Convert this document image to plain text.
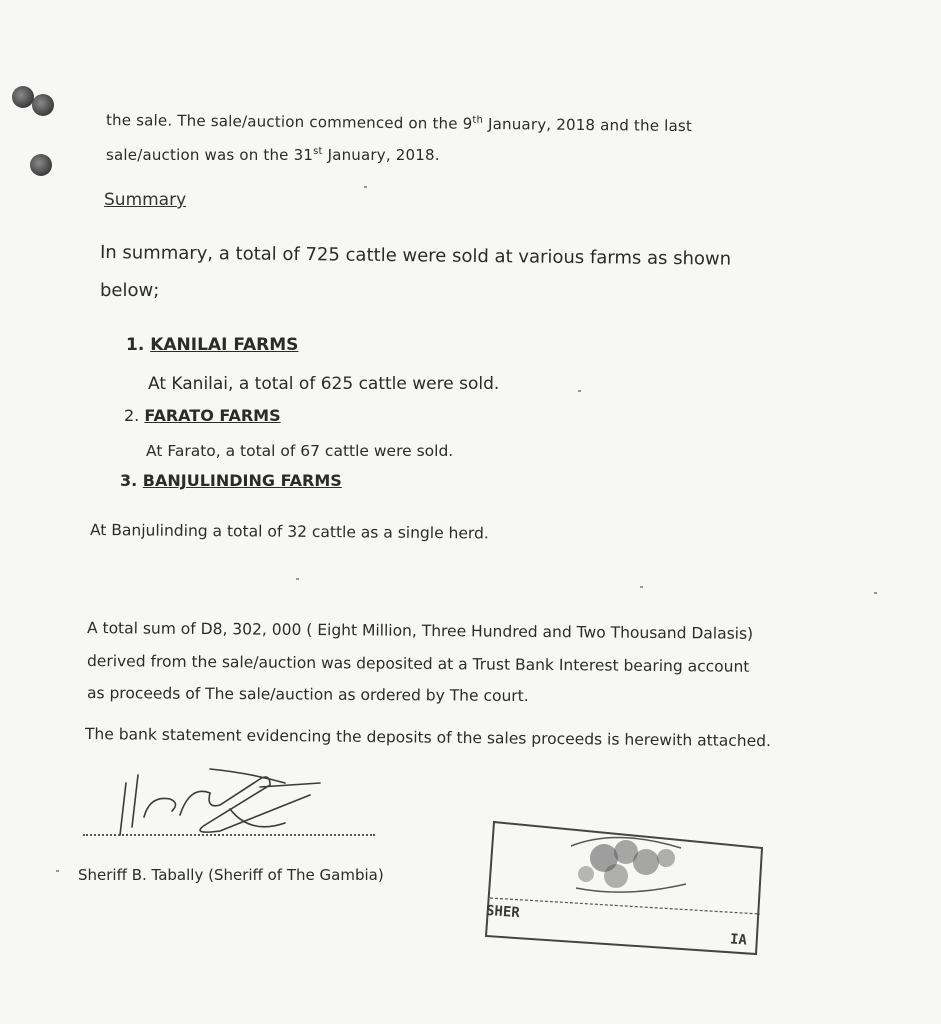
the sale. The sale/auction commenced on the 9th January, 2018 and the last
sale/auction was on the 31st January, 2018.
Summary
In summary, a total of 725 cattle were sold at various farms as shown
below;
1. KANILAI FARMS
At Kanilai, a total of 625 cattle were sold.
2. FARATO FARMS
At Farato, a total of 67 cattle were sold.
3. BANJULINDING FARMS
At Banjulinding a total of 32 cattle as a single herd.
A total sum of D8, 302, 000 ( Eight Million, Three Hundred and Two Thousand Dalasis)
derived from the sale/auction was deposited at a Trust Bank Interest bearing account
as proceeds of The sale/auction as ordered by The court.
The bank statement evidencing the deposits of the sales proceeds is herewith attached.
Sheriff B. Tabally (Sheriff of The Gambia)
SHER
IA
